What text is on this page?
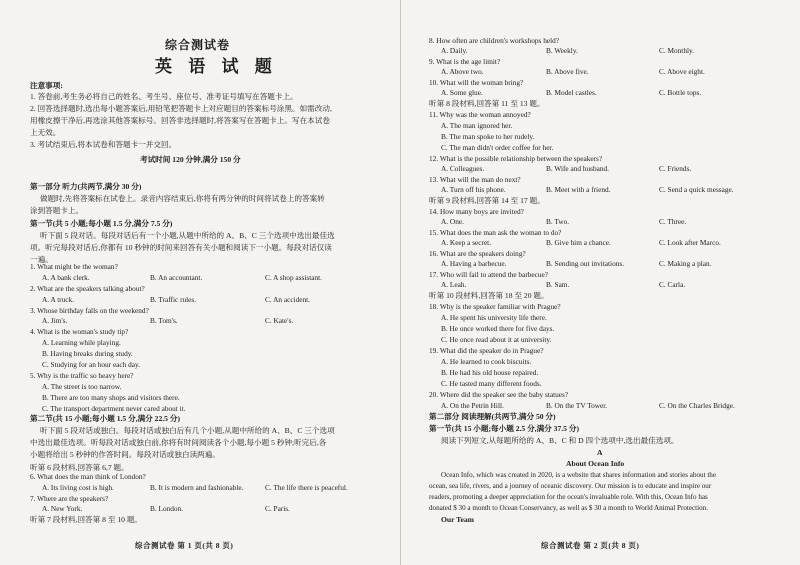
综合测试卷
英 语 试 题
注意事项:
1. 答卷前,考生务必将自己的姓名、考生号、座位号、准考证号填写在答题卡上。
2. 回答选择题时,选出每小题答案后,用铅笔把答题卡上对应题目的答案标号涂黑。如需改动,
用橡皮擦干净后,再选涂其他答案标号。回答非选择题时,将答案写在答题卡上。写在本试卷
上无效。
3. 考试结束后,将本试卷和答题卡一并交回。
考试时间 120 分钟,满分 150 分
第一部分 听力(共两节,满分 30 分)
做题时,先将答案标在试卷上。录音内容结束后,你将有两分钟的时间将试卷上的答案转
涂到答题卡上。
第一节(共 5 小题;每小题 1.5 分,满分 7.5 分)
听下面 5 段对话。每段对话后有一个小题,从题中所给的 A、B、C 三个选项中选出最佳选
项。听完每段对话后,你都有 10 秒钟的时间来回答有关小题和阅读下一小题。每段对话仅读
一遍。
1. What might be the woman?
A. A bank clerk.	B. An accountant.	C. A shop assistant.
2. What are the speakers talking about?
A. A truck.	B. Traffic rules.	C. An accident.
3. Whose birthday falls on the weekend?
A. Jim's.	B. Tom's.	C. Kate's.
4. What is the woman's study tip?
A. Learning while playing.
B. Having breaks during study.
C. Studying for an hour each day.
5. Why is the traffic so heavy here?
A. The street is too narrow.
B. There are too many shops and visitors there.
C. The transport department never cared about it.
第二节(共 15 小题;每小题 1.5 分,满分 22.5 分)
听下面 5 段对话或独白。每段对话或独白后有几个小题,从题中所给的 A、B、C 三个选项
中选出最佳选项。听每段对话或独白前,你将有时间阅读各个小题,每小题 5 秒钟;听完后,各
小题将给出 5 秒钟的作答时间。每段对话或独白读两遍。
听第 6 段材料,回答第 6,7 题。
6. What does the man think of London?
A. Its living cost is high.	B. It is modern and fashionable.	C. The life there is peaceful.
7. Where are the speakers?
A. New York.	B. London.	C. Paris.
听第 7 段材料,回答第 8 至 10 题。
综合测试卷 第 1 页(共 8 页)
8. How often are children's workshops held?
A. Daily.	B. Weekly.	C. Monthly.
9. What is the age limit?
A. Above two.	B. Above five.	C. Above eight.
10. What will the woman bring?
A. Some glue.	B. Model castles.	C. Bottle tops.
听第 8 段材料,回答第 11 至 13 题。
11. Why was the woman annoyed?
A. The man ignored her.
B. The man spoke to her rudely.
C. The man didn't order coffee for her.
12. What is the possible relationship between the speakers?
A. Colleagues.	B. Wife and husband.	C. Friends.
13. What will the man do next?
A. Turn off his phone.	B. Meet with a friend.	C. Send a quick message.
听第 9 段材料,回答第 14 至 17 题。
14. How many boys are invited?
A. One.	B. Two.	C. Three.
15. What does the man ask the woman to do?
A. Keep a secret.	B. Give him a chance.	C. Look after Marco.
16. What are the speakers doing?
A. Having a barbecue.	B. Sending out invitations.	C. Making a plan.
17. Who will fail to attend the barbecue?
A. Leah.	B. Sam.	C. Carla.
听第 10 段材料,回答第 18 至 20 题。
18. Why is the speaker familiar with Prague?
A. He spent his university life there.
B. He once worked there for five days.
C. He once read about it at university.
19. What did the speaker do in Prague?
A. He learned to cook biscuits.
B. He had his old house repaired.
C. He tasted many different foods.
20. Where did the speaker see the baby statues?
A. On the Petrin Hill.	B. On the TV Tower.	C. On the Charles Bridge.
第二部分 阅读理解(共两节,满分 50 分)
第一节(共 15 小题;每小题 2.5 分,满分 37.5 分)
阅读下列短文,从每题所给的 A、B、C 和 D 四个选项中,选出最佳选项。
A
About Ocean Info
Ocean Info, which was created in 2020, is a website that shares information and stories about the
ocean, sea life, rivers, and a journey of oceanic discovery. Our mission is to educate and inspire our
readers, promoting a deeper appreciation for the ocean's invaluable role. With this, Ocean Info has
donated $ 30 a month to Ocean Conservancy, as well as $ 30 a month to World Animal Protection.
Our Team
综合测试卷 第 2 页(共 8 页)
